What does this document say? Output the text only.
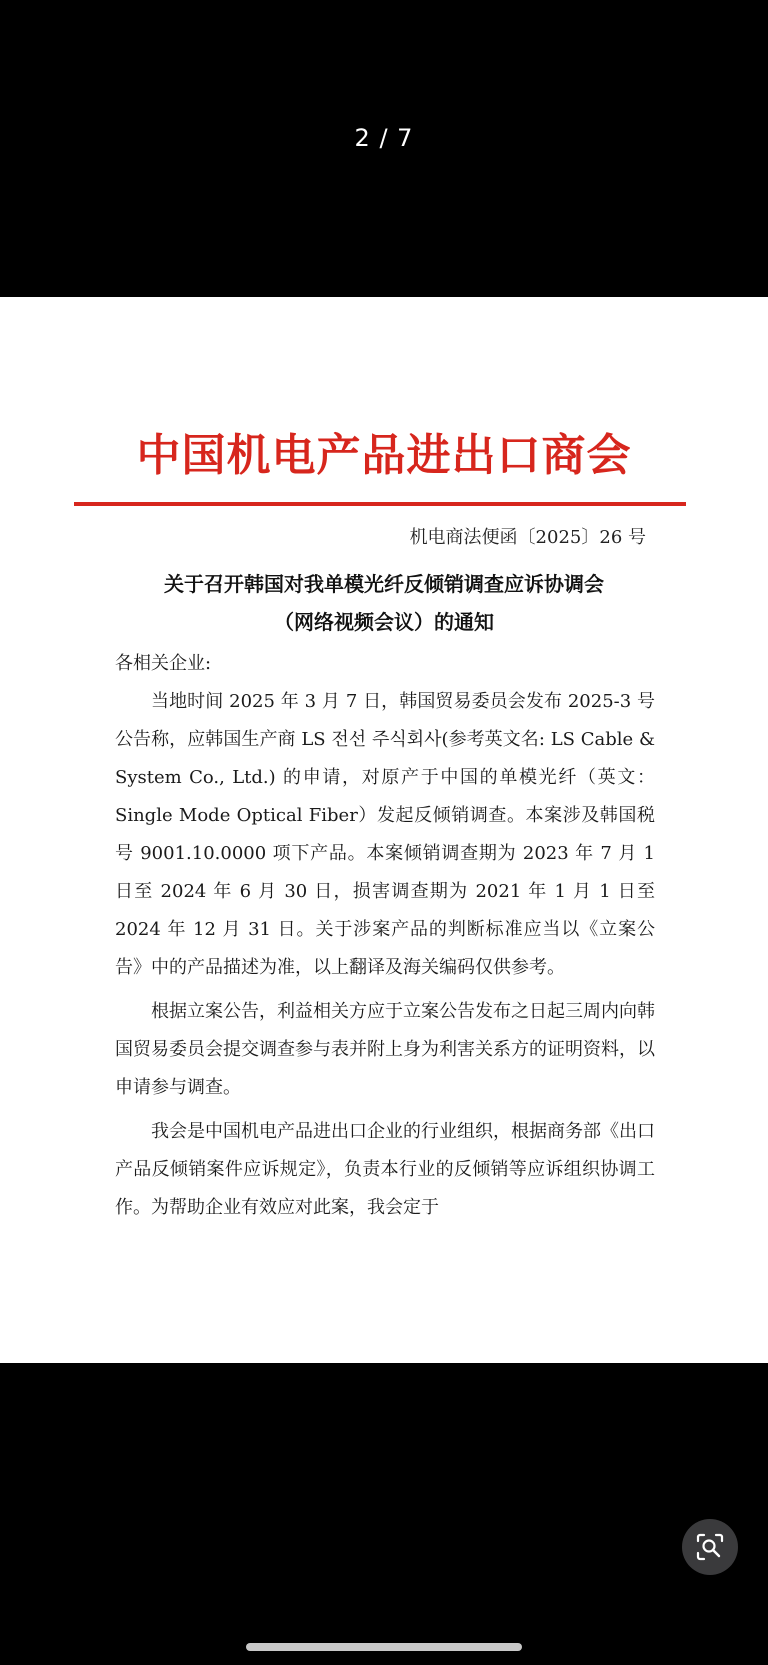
2 / 7
中国机电产品进出口商会
机电商法便函〔2025〕26 号
关于召开韩国对我单模光纤反倾销调查应诉协调会
（网络视频会议）的通知

各相关企业:

当地时间 2025 年 3 月 7 日，韩国贸易委员会发布 2025-3 号公告称，应韩国生产商 LS 전선 주식회사(参考英文名: LS Cable & System Co., Ltd.) 的申请，对原产于中国的单模光纤（英文：Single Mode Optical Fiber）发起反倾销调查。本案涉及韩国税号 9001.10.0000 项下产品。本案倾销调查期为 2023 年 7 月 1 日至 2024 年 6 月 30 日，损害调查期为 2021 年 1 月 1 日至 2024 年 12 月 31 日。关于涉案产品的判断标准应当以《立案公告》中的产品描述为准，以上翻译及海关编码仅供参考。

根据立案公告，利益相关方应于立案公告发布之日起三周内向韩国贸易委员会提交调查参与表并附上身为利害关系方的证明资料，以申请参与调查。

我会是中国机电产品进出口企业的行业组织，根据商务部《出口产品反倾销案件应诉规定》，负责本行业的反倾销等应诉组织协调工作。为帮助企业有效应对此案，我会定于
